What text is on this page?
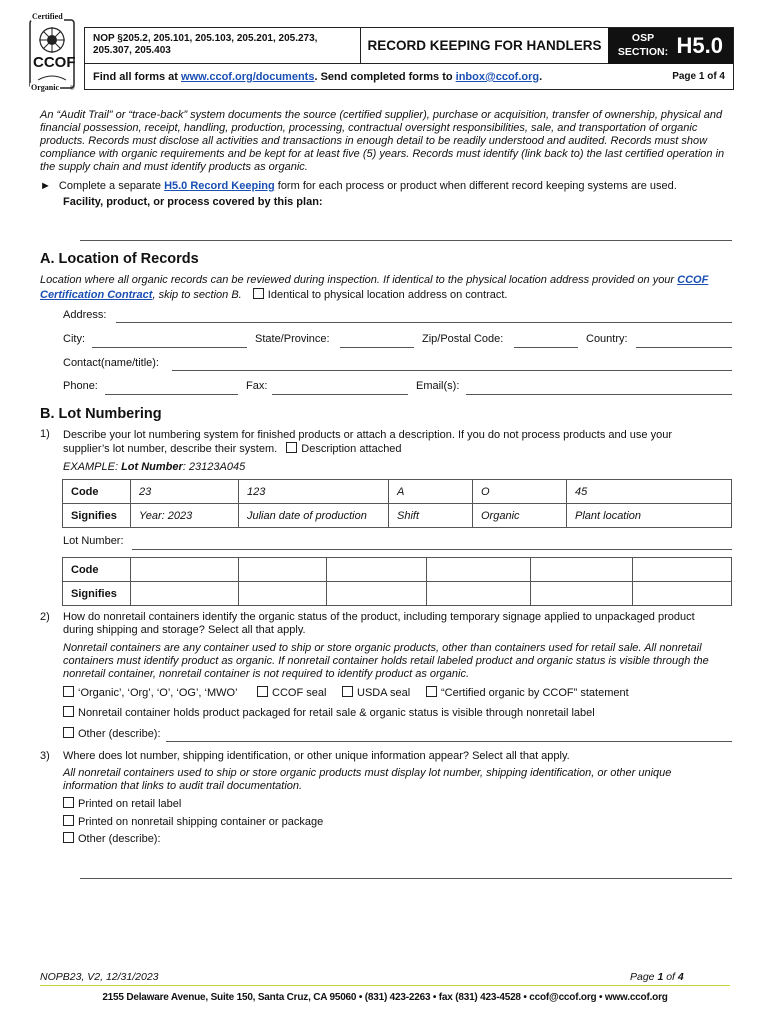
Certified
CCOF
Organic ®
NOP §205.2, 205.101, 205.103, 205.201, 205.273, 205.307, 205.403	RECORD KEEPING FOR HANDLERS	OSP
SECTION: H5.0
Find all forms at www.ccof.org/documents. Send completed forms to inbox@ccof.org.	Page 1 of 4
An “Audit Trail” or “trace-back” system documents the source (certified supplier), purchase or acquisition, transfer of ownership, physical and financial possession, receipt, handling, production, processing, contractual oversight responsibilities, sale, and transportation of organic products. Records must disclose all activities and transactions in enough detail to be readily understood and audited. Records must show compliance with organic requirements and be kept for at least five (5) years. Records must identify (link back to) the last certified operation in the supply chain and must identify products as organic.
► Complete a separate H5.0 Record Keeping form for each process or product when different record keeping systems are used.
Facility, product, or process covered by this plan:
A. Location of Records
Location where all organic records can be reviewed during inspection. If identical to the physical location address provided on your CCOF Certification Contract, skip to section B. Identical to physical location address on contract.
Address:
City:	State/Province:	Zip/Postal Code:	Country:
Contact(name/title):
Phone:	Fax:	Email(s):
B. Lot Numbering
1) Describe your lot numbering system for finished products or attach a description. If you do not process products and use your supplier’s lot number, describe their system. Description attached
EXAMPLE: Lot Number: 23123A045
Code	23	123	A	O	45
Signifies	Year: 2023	Julian date of production	Shift	Organic	Plant location
Lot Number:
Code						
Signifies						
2) How do nonretail containers identify the organic status of the product, including temporary signage applied to unpackaged product during shipping and storage? Select all that apply.
Nonretail containers are any container used to ship or store organic products, other than containers used for retail sale. All nonretail containers must identify product as organic. If nonretail container holds retail labeled product and organic status is visible through the nonretail container, nonretail container is not required to identify product as organic.
‘Organic’, ‘Org’, ‘O’, ‘OG’, ‘MWO’	CCOF seal	USDA seal	“Certified organic by CCOF” statement
Nonretail container holds product packaged for retail sale & organic status is visible through nonretail label
Other (describe):
3) Where does lot number, shipping identification, or other unique information appear? Select all that apply.
All nonretail containers used to ship or store organic products must display lot number, shipping identification, or other unique information that links to audit trail documentation.
Printed on retail label
Printed on nonretail shipping container or package
Other (describe):
NOPB23, V2, 12/31/2023	Page 1 of 4
2155 Delaware Avenue, Suite 150, Santa Cruz, CA 95060 • (831) 423-2263 • fax (831) 423-4528 • ccof@ccof.org • www.ccof.org
